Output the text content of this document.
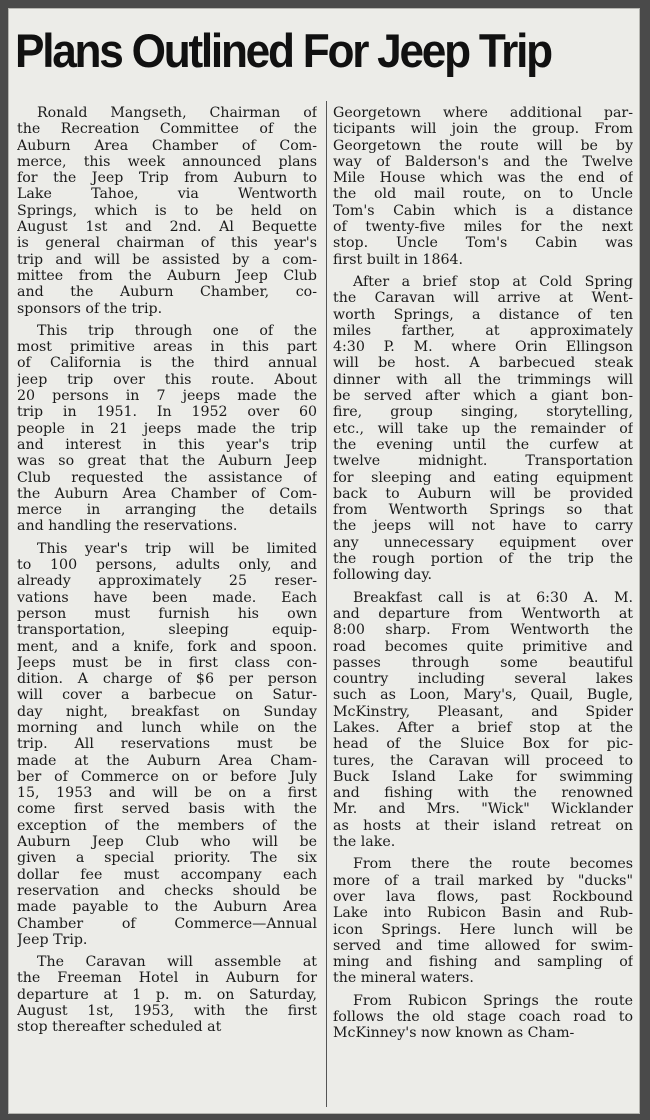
Plans Outlined For Jeep Trip

Ronald Mangseth, Chairman of
the Recreation Committee of the
Auburn Area Chamber of Com-
merce, this week announced plans
for the Jeep Trip from Auburn to
Lake Tahoe, via Wentworth
Springs, which is to be held on
August 1st and 2nd. Al Bequette
is general chairman of this year's
trip and will be assisted by a com-
mittee from the Auburn Jeep Club
and the Auburn Chamber, co-
sponsors of the trip.

This trip through one of the
most primitive areas in this part
of California is the third annual
jeep trip over this route. About
20 persons in 7 jeeps made the
trip in 1951. In 1952 over 60
people in 21 jeeps made the trip
and interest in this year's trip
was so great that the Auburn Jeep
Club requested the assistance of
the Auburn Area Chamber of Com-
merce in arranging the details
and handling the reservations.

This year's trip will be limited
to 100 persons, adults only, and
already approximately 25 reser-
vations have been made. Each
person must furnish his own
transportation, sleeping equip-
ment, and a knife, fork and spoon.
Jeeps must be in first class con-
dition. A charge of $6 per person
will cover a barbecue on Satur-
day night, breakfast on Sunday
morning and lunch while on the
trip. All reservations must be
made at the Auburn Area Cham-
ber of Commerce on or before July
15, 1953 and will be on a first
come first served basis with the
exception of the members of the
Auburn Jeep Club who will be
given a special priority. The six
dollar fee must accompany each
reservation and checks should be
made payable to the Auburn Area
Chamber of Commerce—Annual
Jeep Trip.

The Caravan will assemble at
the Freeman Hotel in Auburn for
departure at 1 p. m. on Saturday,
August 1st, 1953, with the first
stop thereafter scheduled at

Georgetown where additional par-
ticipants will join the group. From
Georgetown the route will be by
way of Balderson's and the Twelve
Mile House which was the end of
the old mail route, on to Uncle
Tom's Cabin which is a distance
of twenty-five miles for the next
stop. Uncle Tom's Cabin was
first built in 1864.

After a brief stop at Cold Spring
the Caravan will arrive at Went-
worth Springs, a distance of ten
miles farther, at approximately
4:30 P. M. where Orin Ellingson
will be host. A barbecued steak
dinner with all the trimmings will
be served after which a giant bon-
fire, group singing, storytelling,
etc., will take up the remainder of
the evening until the curfew at
twelve midnight. Transportation
for sleeping and eating equipment
back to Auburn will be provided
from Wentworth Springs so that
the jeeps will not have to carry
any unnecessary equipment over
the rough portion of the trip the
following day.

Breakfast call is at 6:30 A. M.
and departure from Wentworth at
8:00 sharp. From Wentworth the
road becomes quite primitive and
passes through some beautiful
country including several lakes
such as Loon, Mary's, Quail, Bugle,
McKinstry, Pleasant, and Spider
Lakes. After a brief stop at the
head of the Sluice Box for pic-
tures, the Caravan will proceed to
Buck Island Lake for swimming
and fishing with the renowned
Mr. and Mrs. "Wick" Wicklander
as hosts at their island retreat on
the lake.

From there the route becomes
more of a trail marked by "ducks"
over lava flows, past Rockbound
Lake into Rubicon Basin and Rub-
icon Springs. Here lunch will be
served and time allowed for swim-
ming and fishing and sampling of
the mineral waters.

From Rubicon Springs the route
follows the old stage coach road to
McKinney's now known as Cham-
